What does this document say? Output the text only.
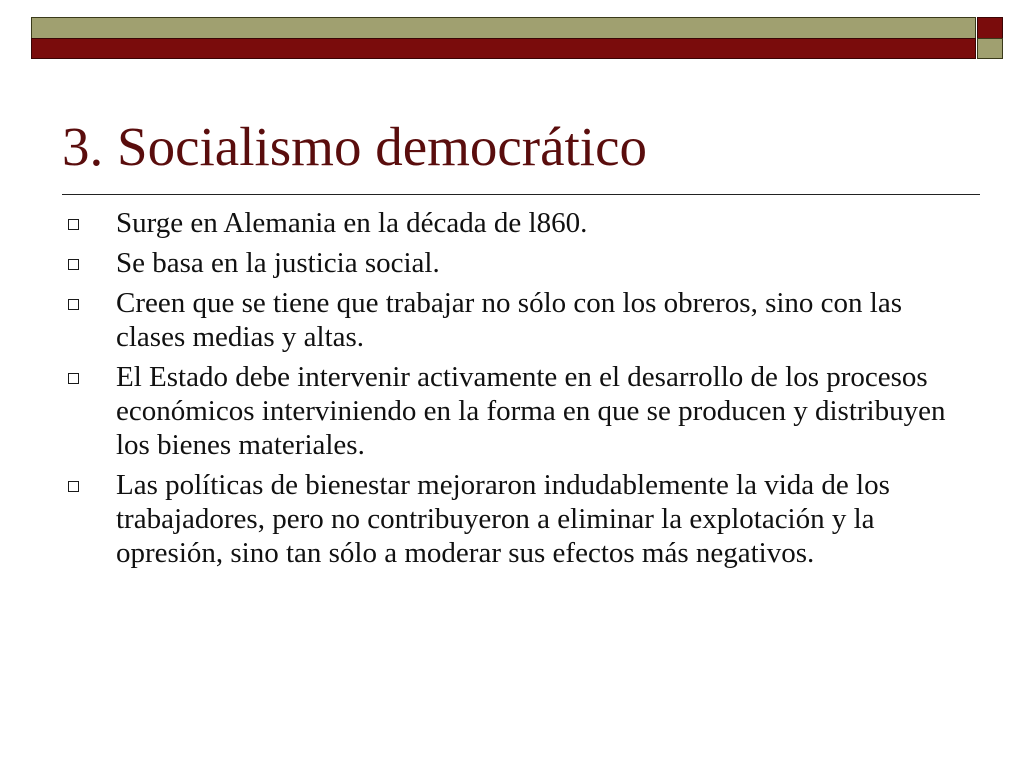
3. Socialismo democrático
Surge en Alemania en la década de l860.
Se basa en la justicia social.
Creen que se tiene que trabajar no sólo con los obreros, sino con las clases medias y altas.
El Estado debe intervenir activamente en el desarrollo de los procesos económicos interviniendo en la forma en que se producen y distribuyen los bienes materiales.
Las políticas de bienestar mejoraron indudablemente la vida de los trabajadores, pero no contribuyeron a eliminar la explotación y la opresión, sino tan sólo a moderar sus efectos más negativos.
